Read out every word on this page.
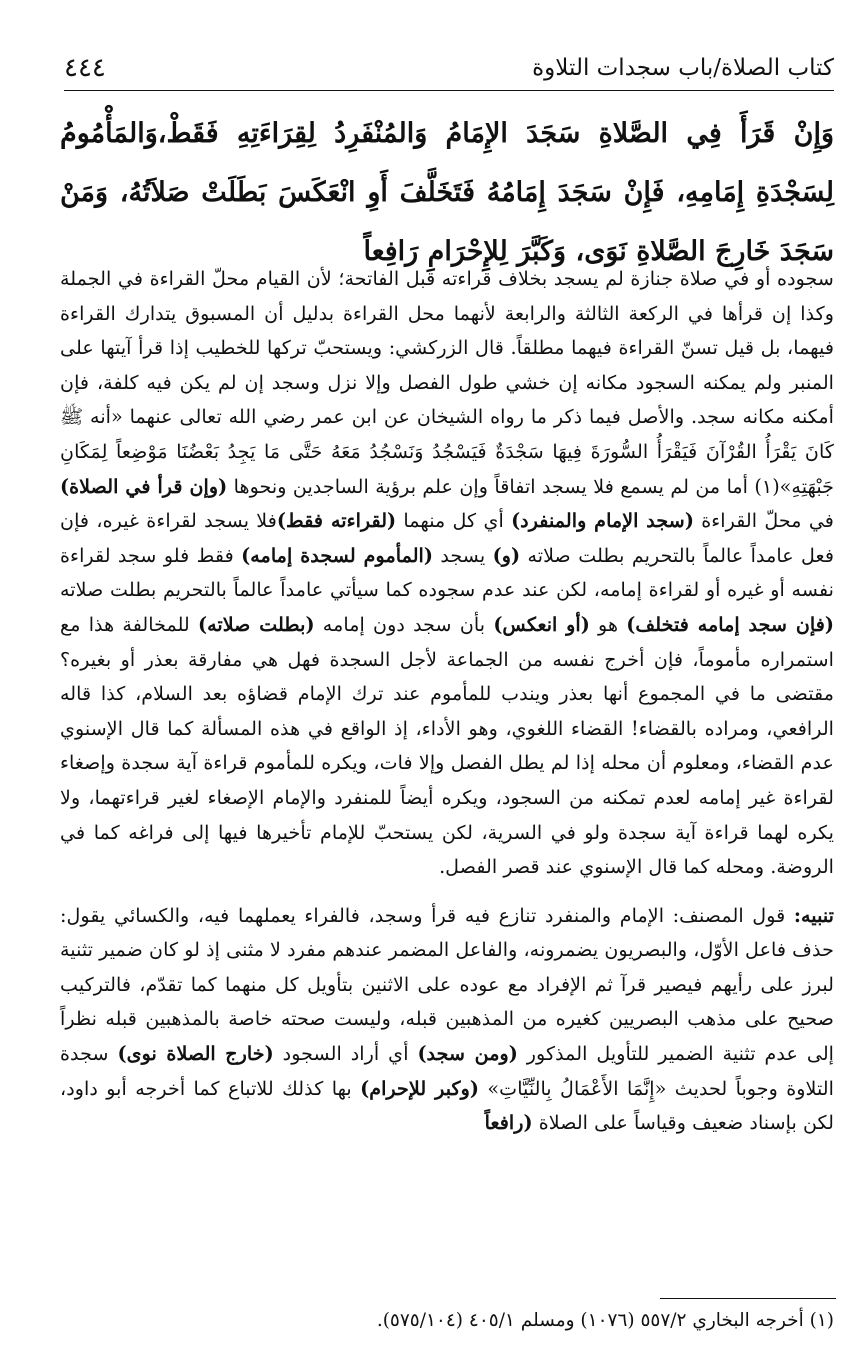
كتاب الصلاة/باب سجدات التلاوة
٤٤٤

وَإِنْ قَرَأَ فِي الصَّلاةِ سَجَدَ الإِمَامُ وَالمُنْفَرِدُ لِقِرَاءَتِهِ فَقَطْ،وَالمَأْمُومُ لِسَجْدَةِ إِمَامِهِ، فَإِنْ سَجَدَ إِمَامُهُ فَتَخَلَّفَ أَوِ انْعَكَسَ بَطَلَتْ صَلاَتُهُ، وَمَنْ سَجَدَ خَارِجَ الصَّلاةِ نَوَى، وَكَبَّرَ لِلإِحْرَامِ رَافِعاً

سجوده أو في صلاة جنازة لم يسجد بخلاف قراءته قبل الفاتحة؛ لأن القيام محلّ القراءة في الجملة وكذا إن قرأها في الركعة الثالثة والرابعة لأنهما محل القراءة بدليل أن المسبوق يتدارك القراءة فيهما، بل قيل تسنّ القراءة فيهما مطلقاً. قال الزركشي: ويستحبّ تركها للخطيب إذا قرأ آيتها على المنبر ولم يمكنه السجود مكانه إن خشي طول الفصل وإلا نزل وسجد إن لم يكن فيه كلفة، فإن أمكنه مكانه سجد. والأصل فيما ذكر ما رواه الشيخان عن ابن عمر رضي الله تعالى عنهما «أنه ﷺ كَانَ يَقْرَأُ القُرْآنَ فَيَقْرَأُ السُّورَةَ فِيهَا سَجْدَةٌ فَيَسْجُدُ وَنَسْجُدُ مَعَهُ حَتَّى مَا يَجِدُ بَعْضُنَا مَوْضِعاً لِمَكَانِ جَبْهَتِهِ»(١) أما من لم يسمع فلا يسجد اتفاقاً وإن علم برؤية الساجدين ونحوها (وإن قرأ في الصلاة) في محلّ القراءة (سجد الإمام والمنفرد) أي كل منهما (لقراءته فقط)فلا يسجد لقراءة غيره، فإن فعل عامداً عالماً بالتحريم بطلت صلاته (و) يسجد (المأموم لسجدة إمامه) فقط فلو سجد لقراءة نفسه أو غيره أو لقراءة إمامه، لكن عند عدم سجوده كما سيأتي عامداً عالماً بالتحريم بطلت صلاته (فإن سجد إمامه فتخلف) هو (أو انعكس) بأن سجد دون إمامه (بطلت صلاته) للمخالفة هذا مع استمراره مأموماً، فإن أخرج نفسه من الجماعة لأجل السجدة فهل هي مفارقة بعذر أو بغيره؟ مقتضى ما في المجموع أنها بعذر ويندب للمأموم عند ترك الإمام قضاؤه بعد السلام، كذا قاله الرافعي، ومراده بالقضاء! القضاء اللغوي، وهو الأداء، إذ الواقع في هذه المسألة كما قال الإسنوي عدم القضاء، ومعلوم أن محله إذا لم يطل الفصل وإلا فات، ويكره للمأموم قراءة آية سجدة وإصغاء لقراءة غير إمامه لعدم تمكنه من السجود، ويكره أيضاً للمنفرد والإمام الإصغاء لغير قراءتهما، ولا يكره لهما قراءة آية سجدة ولو في السرية، لكن يستحبّ للإمام تأخيرها فيها إلى فراغه كما في الروضة. ومحله كما قال الإسنوي عند قصر الفصل.

تنبيه: قول المصنف: الإمام والمنفرد تنازع فيه قرأ وسجد، فالفراء يعملهما فيه، والكسائي يقول: حذف فاعل الأوّل، والبصريون يضمرونه، والفاعل المضمر عندهم مفرد لا مثنى إذ لو كان ضمير تثنية لبرز على رأيهم فيصير قرآ ثم الإفراد مع عوده على الاثنين بتأويل كل منهما كما تقدّم، فالتركيب صحيح على مذهب البصريين كغيره من المذهبين قبله، وليست صحته خاصة بالمذهبين قبله نظراً إلى عدم تثنية الضمير للتأويل المذكور (ومن سجد) أي أراد السجود (خارج الصلاة نوى) سجدة التلاوة وجوباً لحديث «إِنَّمَا الأَعْمَالُ بِالنِّيَّاتِ» (وكبر للإحرام) بها كذلك للاتباع كما أخرجه أبو داود، لكن بإسناد ضعيف وقياساً على الصلاة (رافعاً

(١) أخرجه البخاري ٥٥٧/٢ (١٠٧٦) ومسلم ٤٠٥/١ (٥٧٥/١٠٤).
